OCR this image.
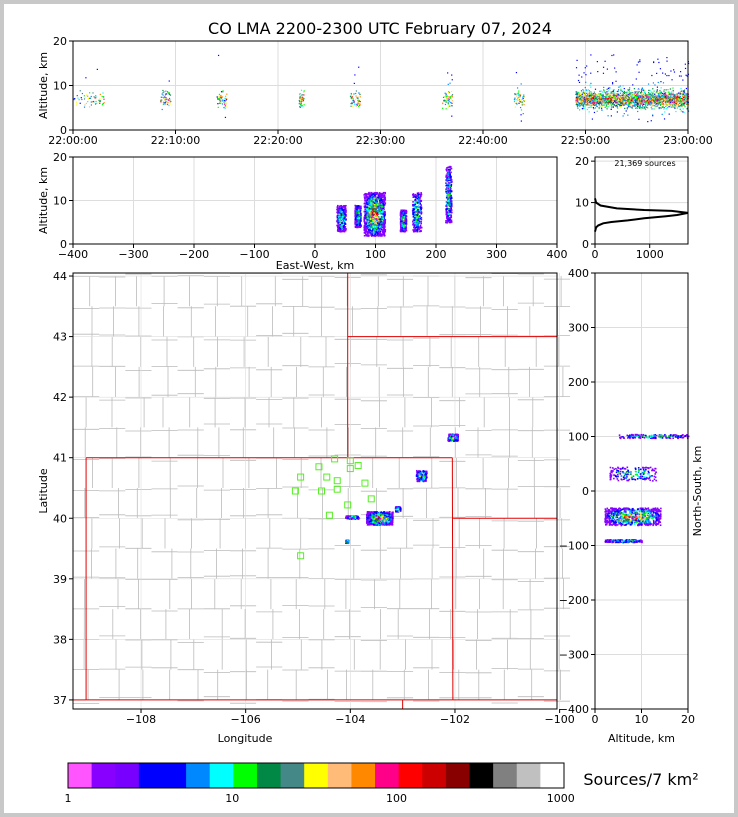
CO LMA 2200-2300 UTC February 07, 2024
22:00:00	22:10:00	22:20:00	22:30:00	22:40:00	22:50:00	23:00:00
0
10
20
Altitude, km
−400	−300	−200	−100	0	100	200	300	400
0
10
20
East-West, km
Altitude, km
0	1000
0
10
20
−108	−106	−104	−102	−100
37
38
39
40
41
42
43
44
Longitude
Latitude
0	10	20
−400
−300
−200
−100
0
100
200
300
400
Altitude, km
North-South, km
1	10	100	1000
Sources/7 km²
21,369 sources
